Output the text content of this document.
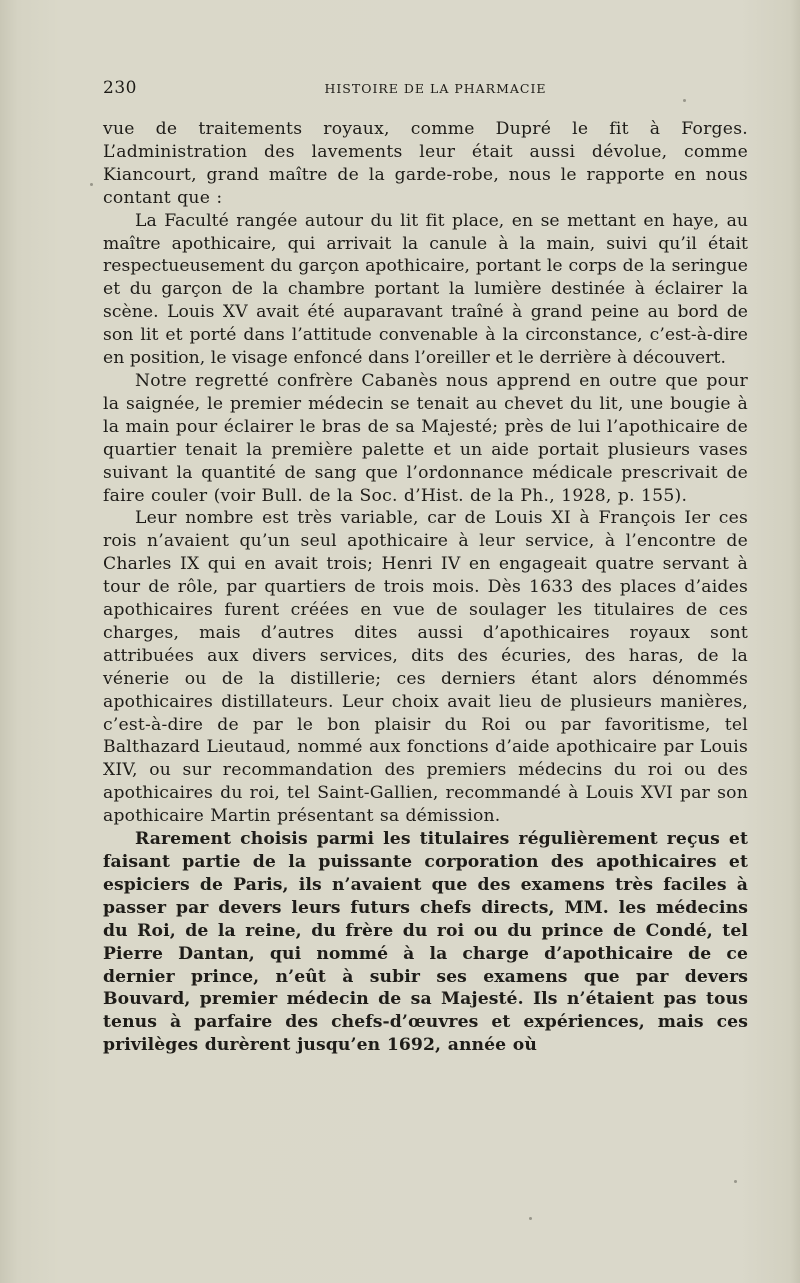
230	HISTOIRE DE LA PHARMACIE

vue de traitements royaux, comme Dupré le fit à Forges. L’administration des lavements leur était aussi dévolue, comme Kiancourt, grand maître de la garde-robe, nous le rapporte en nous contant que :

La Faculté rangée autour du lit fit place, en se mettant en haye, au maître apothicaire, qui arrivait la canule à la main, suivi qu’il était respectueusement du garçon apothicaire, portant le corps de la seringue et du garçon de la chambre portant la lumière destinée à éclairer la scène. Louis XV avait été auparavant traîné à grand peine au bord de son lit et porté dans l’attitude convenable à la circonstance, c’est-à-dire en position, le visage enfoncé dans l’oreiller et le derrière à découvert.

Notre regretté confrère Cabanès nous apprend en outre que pour la saignée, le premier médecin se tenait au chevet du lit, une bougie à la main pour éclairer le bras de sa Majesté; près de lui l’apothicaire de quartier tenait la première palette et un aide portait plusieurs vases suivant la quantité de sang que l’ordonnance médicale prescrivait de faire couler (voir Bull. de la Soc. d’Hist. de la Ph., 1928, p. 155).

Leur nombre est très variable, car de Louis XI à François Ier ces rois n’avaient qu’un seul apothicaire à leur service, à l’encontre de Charles IX qui en avait trois; Henri IV en engageait quatre servant à tour de rôle, par quartiers de trois mois. Dès 1633 des places d’aides apothicaires furent créées en vue de soulager les titulaires de ces charges, mais d’autres dites aussi d’apothicaires royaux sont attribuées aux divers services, dits des écuries, des haras, de la vénerie ou de la distillerie; ces derniers étant alors dénommés apothicaires distillateurs. Leur choix avait lieu de plusieurs manières, c’est-à-dire de par le bon plaisir du Roi ou par favoritisme, tel Balthazard Lieutaud, nommé aux fonctions d’aide apothicaire par Louis XIV, ou sur recommandation des premiers médecins du roi ou des apothicaires du roi, tel Saint-Gallien, recommandé à Louis XVI par son apothicaire Martin présentant sa démission.

Rarement choisis parmi les titulaires régulièrement reçus et faisant partie de la puissante corporation des apothicaires et espiciers de Paris, ils n’avaient que des examens très faciles à passer par devers leurs futurs chefs directs, MM. les médecins du Roi, de la reine, du frère du roi ou du prince de Condé, tel Pierre Dantan, qui nommé à la charge d’apothicaire de ce dernier prince, n’eût à subir ses examens que par devers Bouvard, premier médecin de sa Majesté. Ils n’étaient pas tous tenus à parfaire des chefs-d’œuvres et expériences, mais ces privilèges durèrent jusqu’en 1692, année où
